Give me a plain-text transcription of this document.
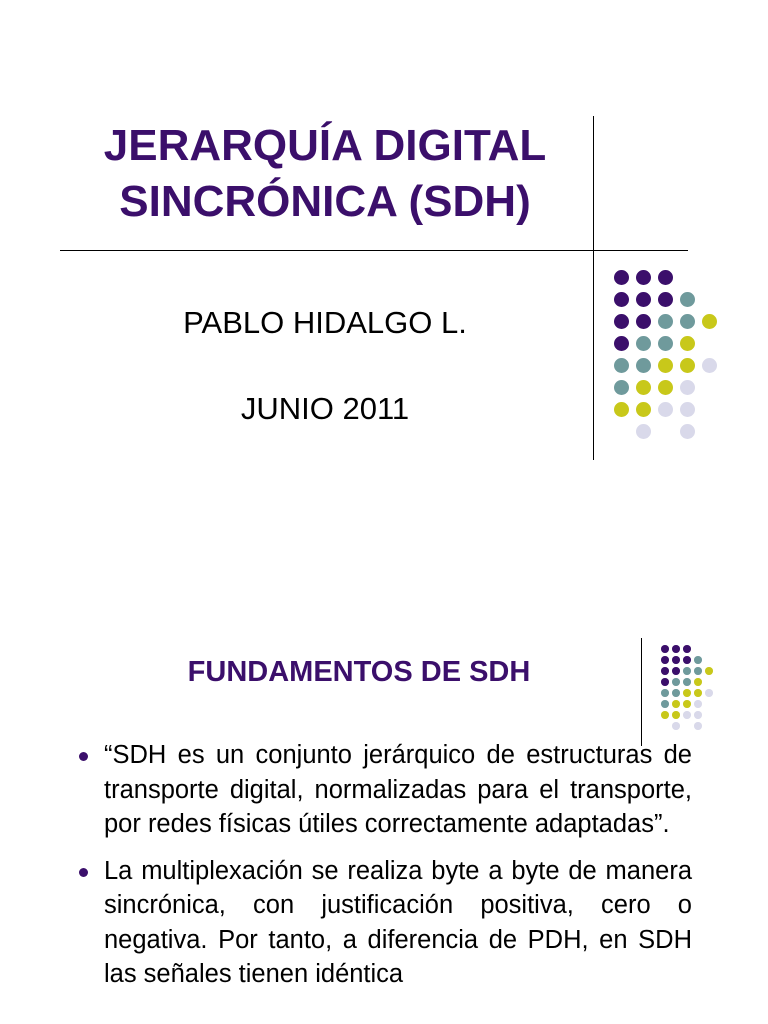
JERARQUÍA DIGITAL
SINCRÓNICA (SDH)
PABLO HIDALGO L.
JUNIO 2011
FUNDAMENTOS DE SDH
“SDH es un conjunto jerárquico de estructuras de transporte digital, normalizadas para el transporte, por redes físicas útiles correctamente adaptadas”.
La multiplexación se realiza byte a byte de manera sincrónica, con justificación positiva, cero o negativa. Por tanto, a diferencia de PDH, en SDH las señales tienen idéntica
